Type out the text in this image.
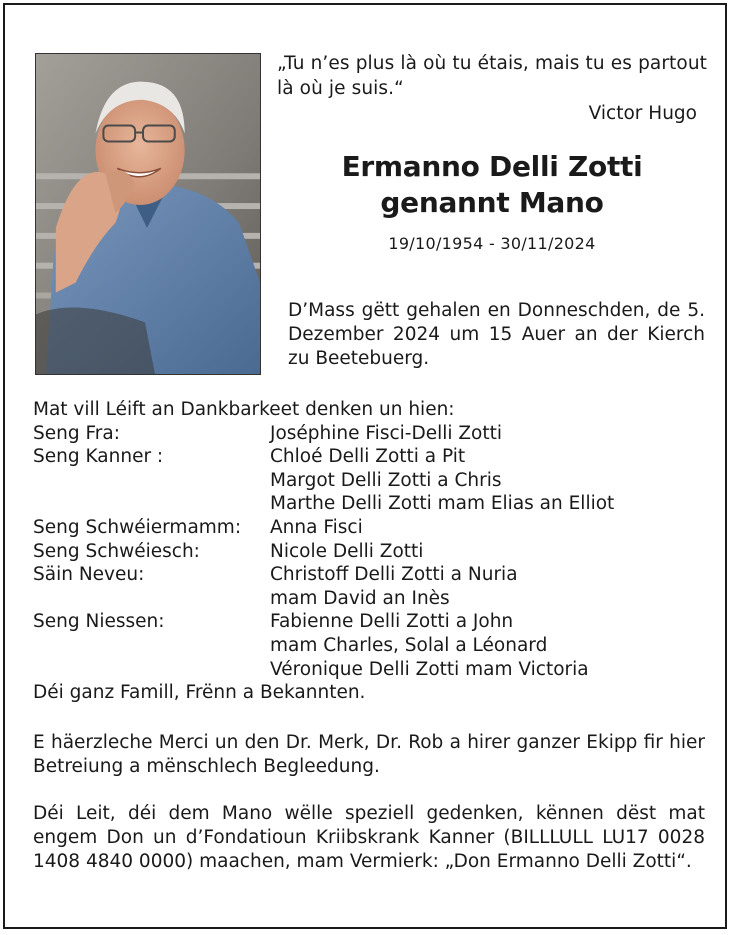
„Tu n’es plus là où tu étais, mais tu es partout là où je suis.“
Victor Hugo
Ermanno Delli Zotti
genannt Mano
19/10/1954 - 30/11/2024
D’Mass gëtt gehalen en Donneschden, de 5. Dezember 2024 um 15 Auer an der Kierch zu Beetebuerg.
Mat vill Léift an Dankbarkeet denken un hien:
Seng Fra:	Joséphine Fisci-Delli Zotti
Seng Kanner :	Chloé Delli Zotti a Pit
Margot Delli Zotti a Chris
Marthe Delli Zotti mam Elias an Elliot
Seng Schwéiermamm:	Anna Fisci
Seng Schwéiesch:	Nicole Delli Zotti
Säin Neveu:	Christoff Delli Zotti a Nuria
mam David an Inès
Seng Niessen:	Fabienne Delli Zotti a John
mam Charles, Solal a Léonard
Véronique Delli Zotti mam Victoria
Déi ganz Famill, Frënn a Bekannten.
E häerzleche Merci un den Dr. Merk, Dr. Rob a hirer ganzer Ekipp fir hier Betreiung a mënschlech Begleedung.
Déi Leit, déi dem Mano wëlle speziell gedenken, kënnen dëst mat engem Don un d’Fondatioun Kriibskrank Kanner (BILLLULL LU17 0028 1408 4840 0000) maachen, mam Vermierk: „Don Ermanno Delli Zotti“.
